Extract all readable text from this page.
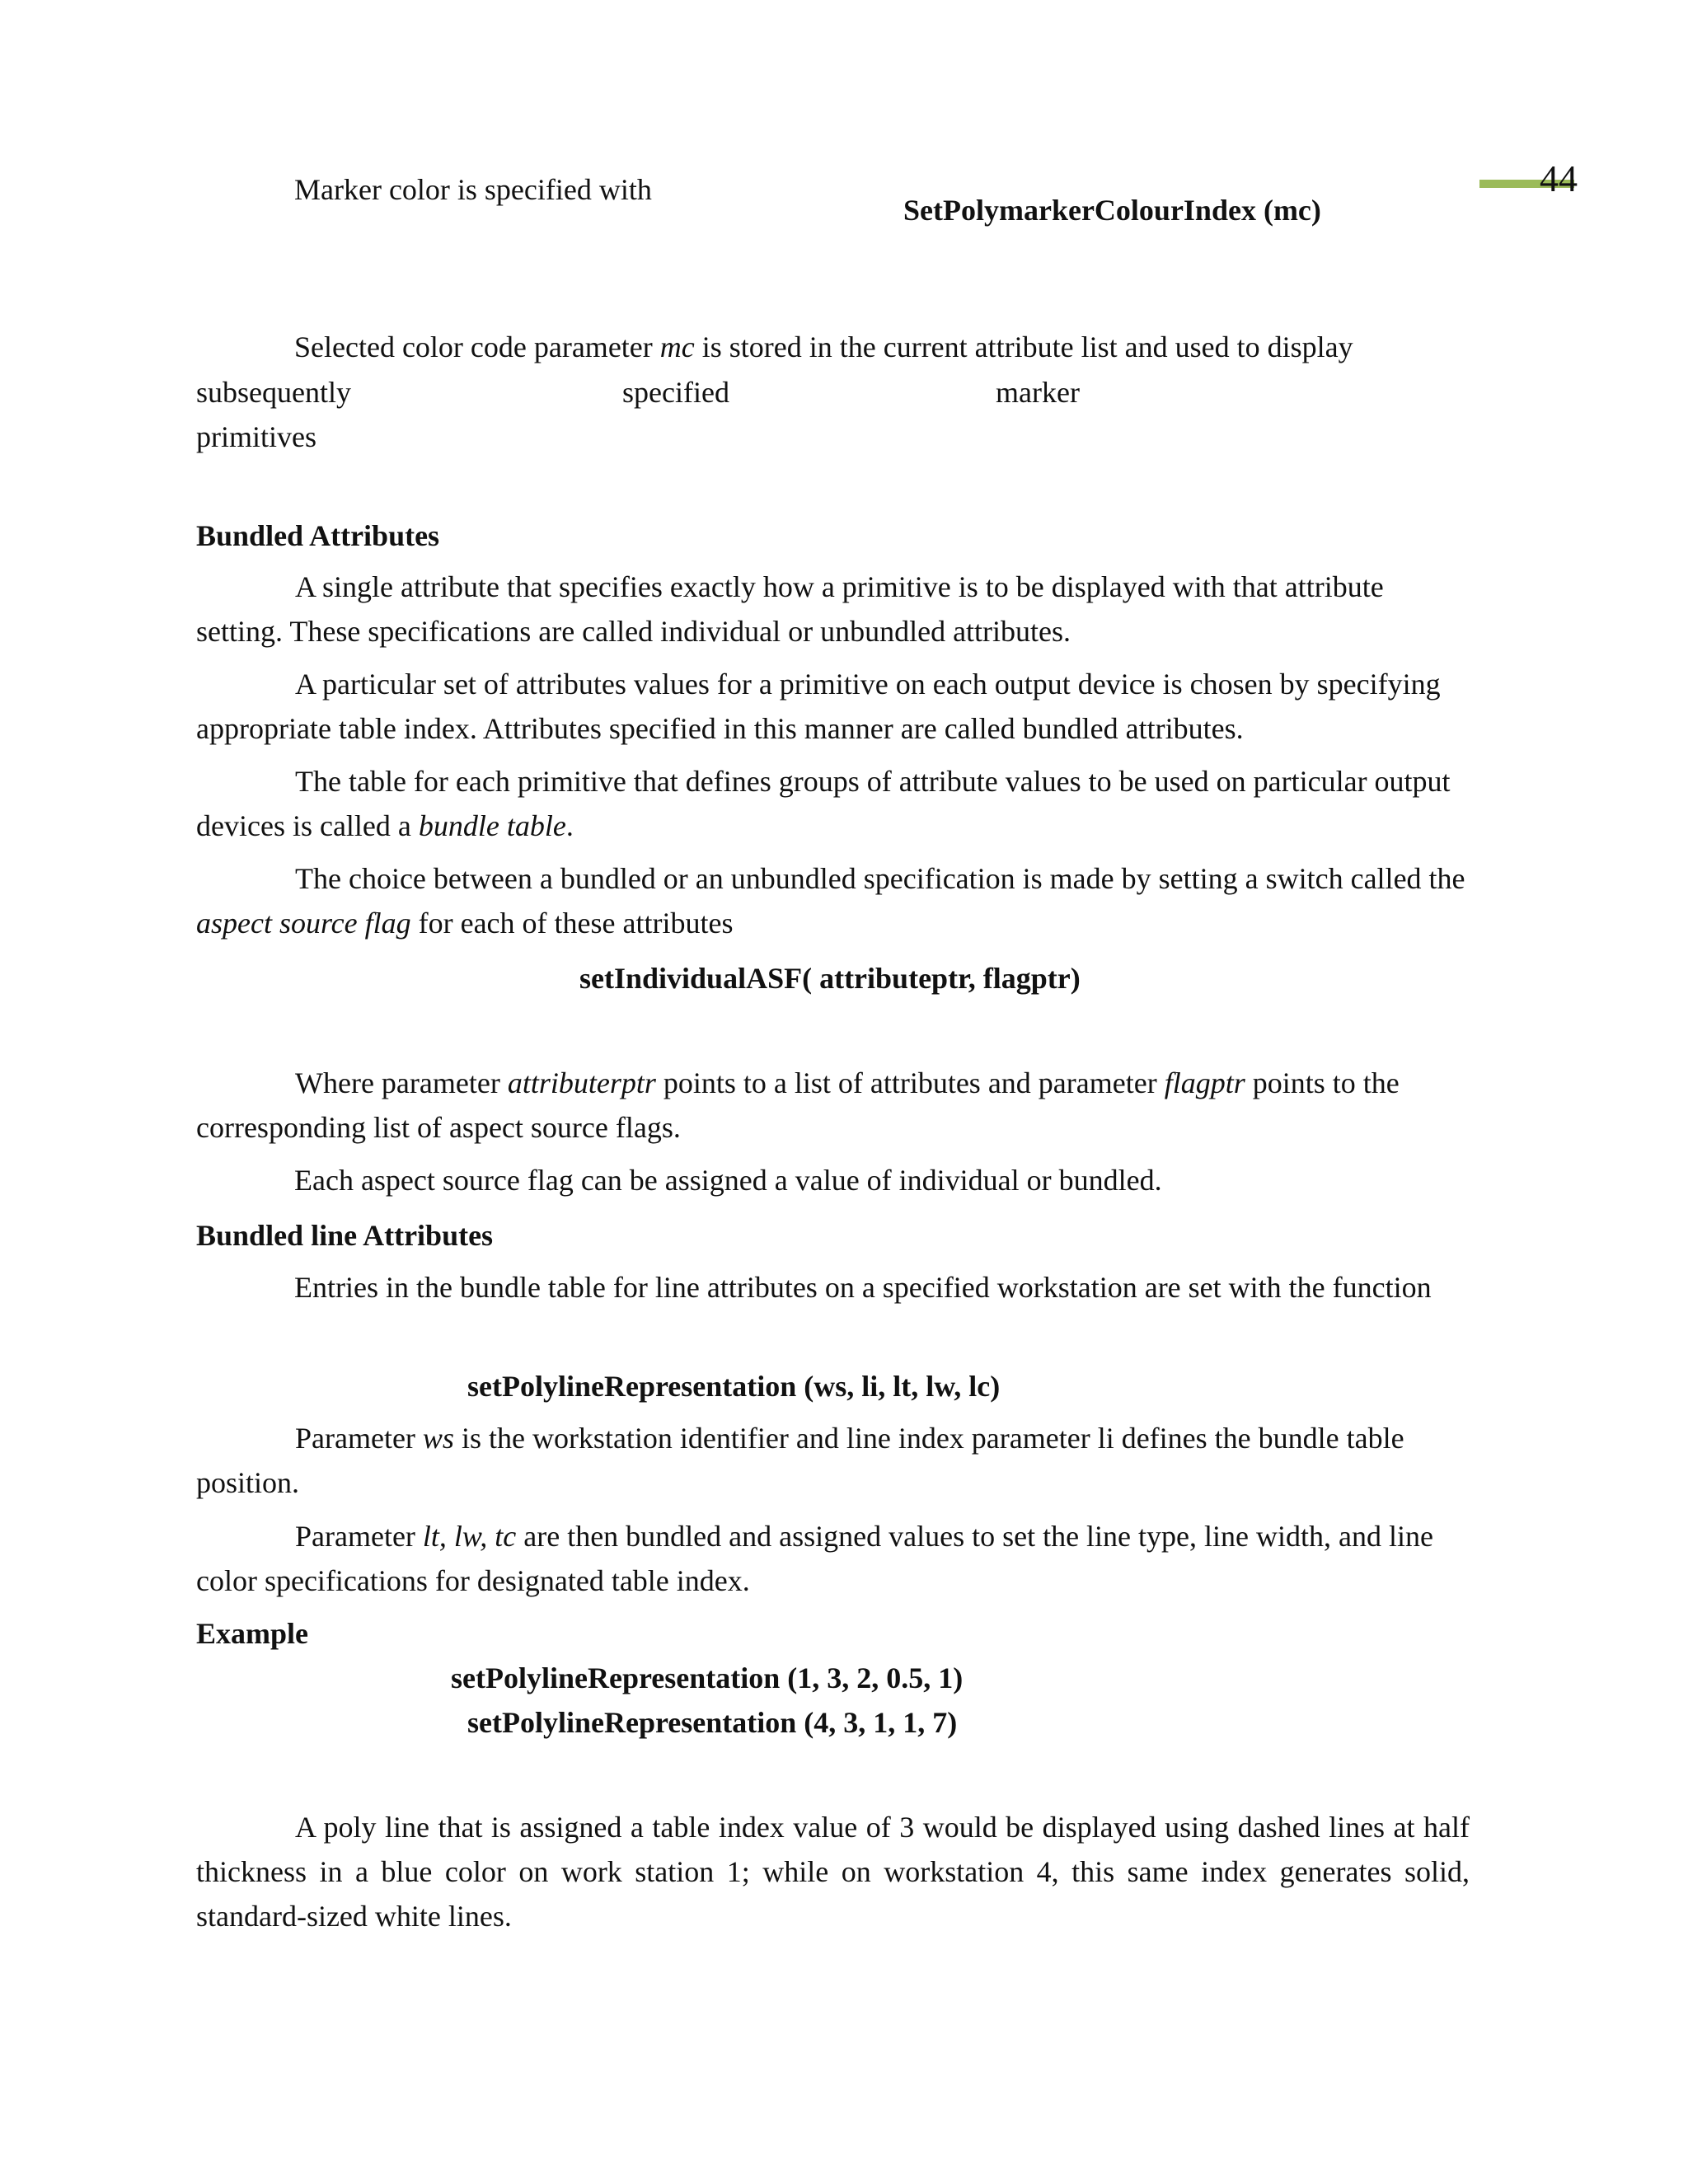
44
Marker color is specified with
SetPolymarkerColourIndex (mc)
Selected color code parameter mc is stored in the current attribute list and used to display
subsequently	specified	marker
primitives
Bundled Attributes
A single attribute that specifies exactly how a primitive is to be displayed with that attribute setting. These specifications are called individual or unbundled attributes.
A particular set of attributes values for a primitive on each output device is chosen by specifying appropriate table index. Attributes specified in this manner are called bundled attributes.
The table for each primitive that defines groups of attribute values to be used on particular output devices is called a bundle table.
The choice between a bundled or an unbundled specification is made by setting a switch called the aspect source flag for each of these attributes
setIndividualASF( attributeptr, flagptr)
Where parameter attributerptr points to a list of attributes and parameter flagptr points to the corresponding list of aspect source flags.
Each aspect source flag can be assigned a value of individual or bundled.
Bundled line Attributes
Entries in the bundle table for line attributes on a specified workstation are set with the function
setPolylineRepresentation (ws, li, lt, lw, lc)
Parameter ws is the workstation identifier and line index parameter li defines the bundle table position.
Parameter lt, lw, tc are then bundled and assigned values to set the line type, line width, and line color specifications for designated table index.
Example
setPolylineRepresentation (1, 3, 2, 0.5, 1)
setPolylineRepresentation (4, 3, 1, 1, 7)
A poly line that is assigned a table index value of 3 would be displayed using dashed lines at half thickness in a blue color on work station 1; while on workstation 4, this same index generates solid, standard-sized white lines.
